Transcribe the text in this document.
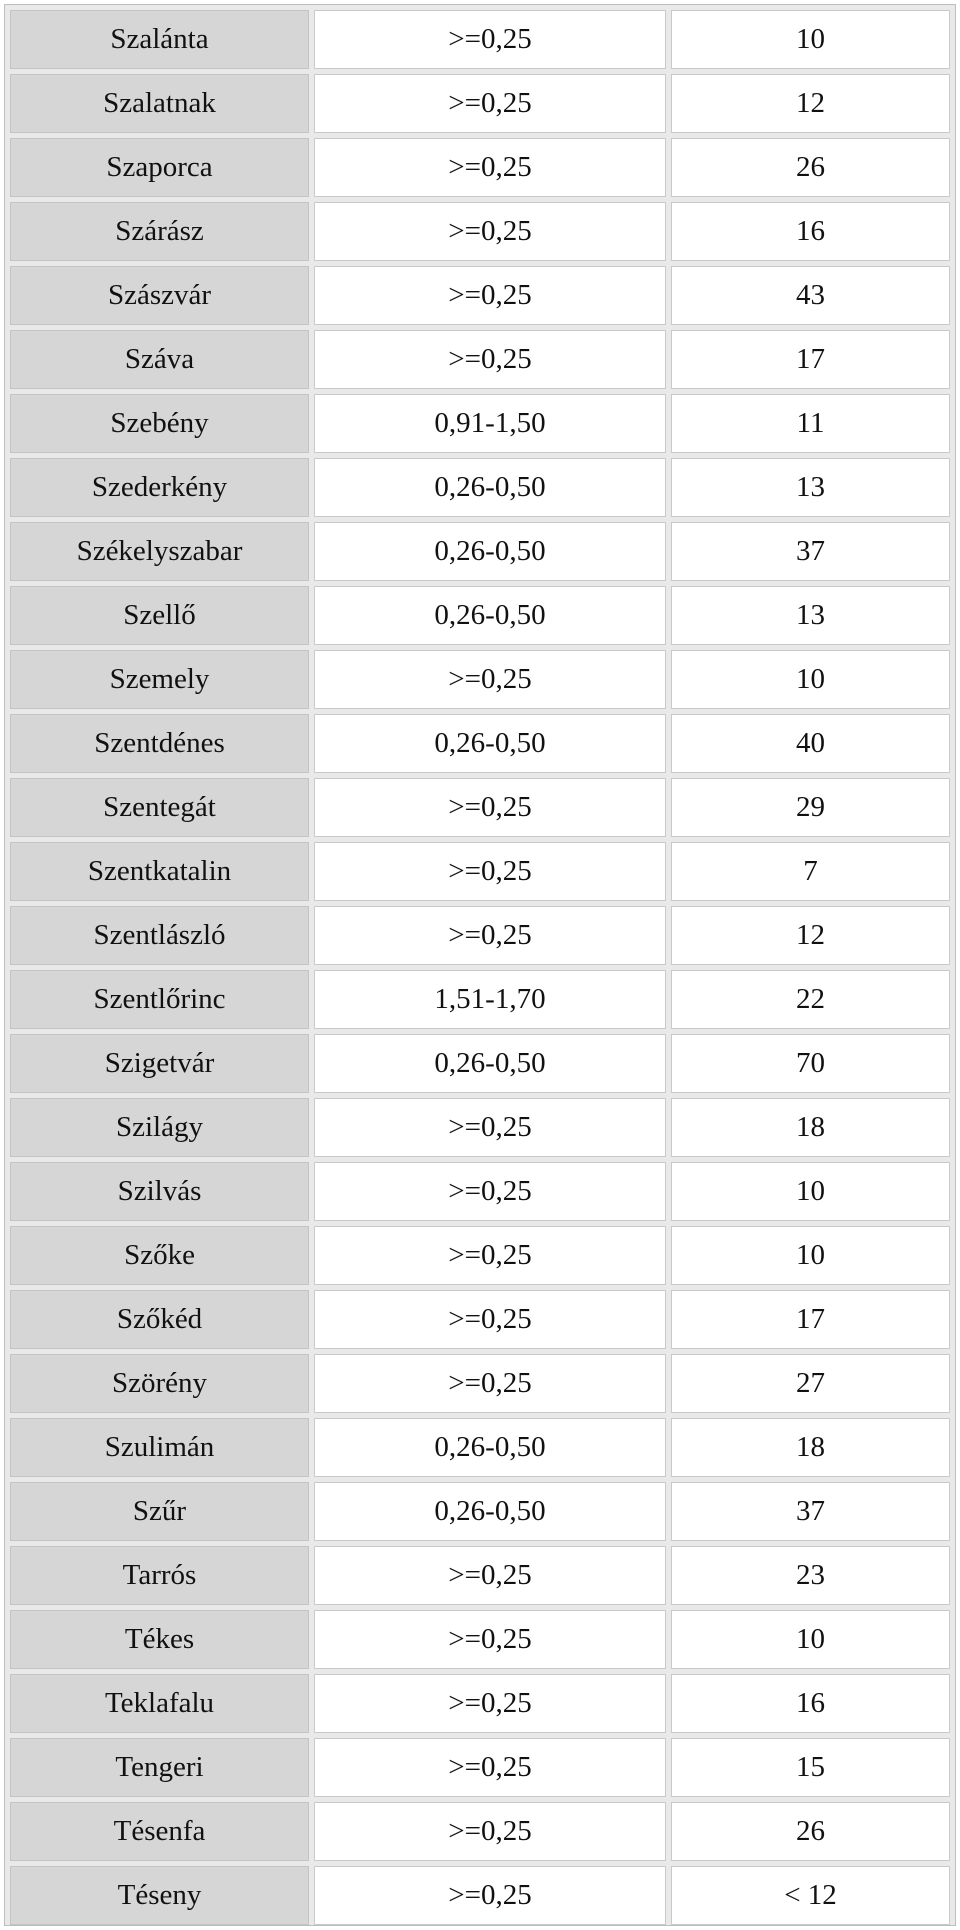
Szalánta	>=0,25	10
Szalatnak	>=0,25	12
Szaporca	>=0,25	26
Szárász	>=0,25	16
Szászvár	>=0,25	43
Száva	>=0,25	17
Szebény	0,91-1,50	11
Szederkény	0,26-0,50	13
Székelyszabar	0,26-0,50	37
Szellő	0,26-0,50	13
Szemely	>=0,25	10
Szentdénes	0,26-0,50	40
Szentegát	>=0,25	29
Szentkatalin	>=0,25	7
Szentlászló	>=0,25	12
Szentlőrinc	1,51-1,70	22
Szigetvár	0,26-0,50	70
Szilágy	>=0,25	18
Szilvás	>=0,25	10
Szőke	>=0,25	10
Szőkéd	>=0,25	17
Szörény	>=0,25	27
Szulimán	0,26-0,50	18
Szűr	0,26-0,50	37
Tarrós	>=0,25	23
Tékes	>=0,25	10
Teklafalu	>=0,25	16
Tengeri	>=0,25	15
Tésenfa	>=0,25	26
Téseny	>=0,25	< 12
